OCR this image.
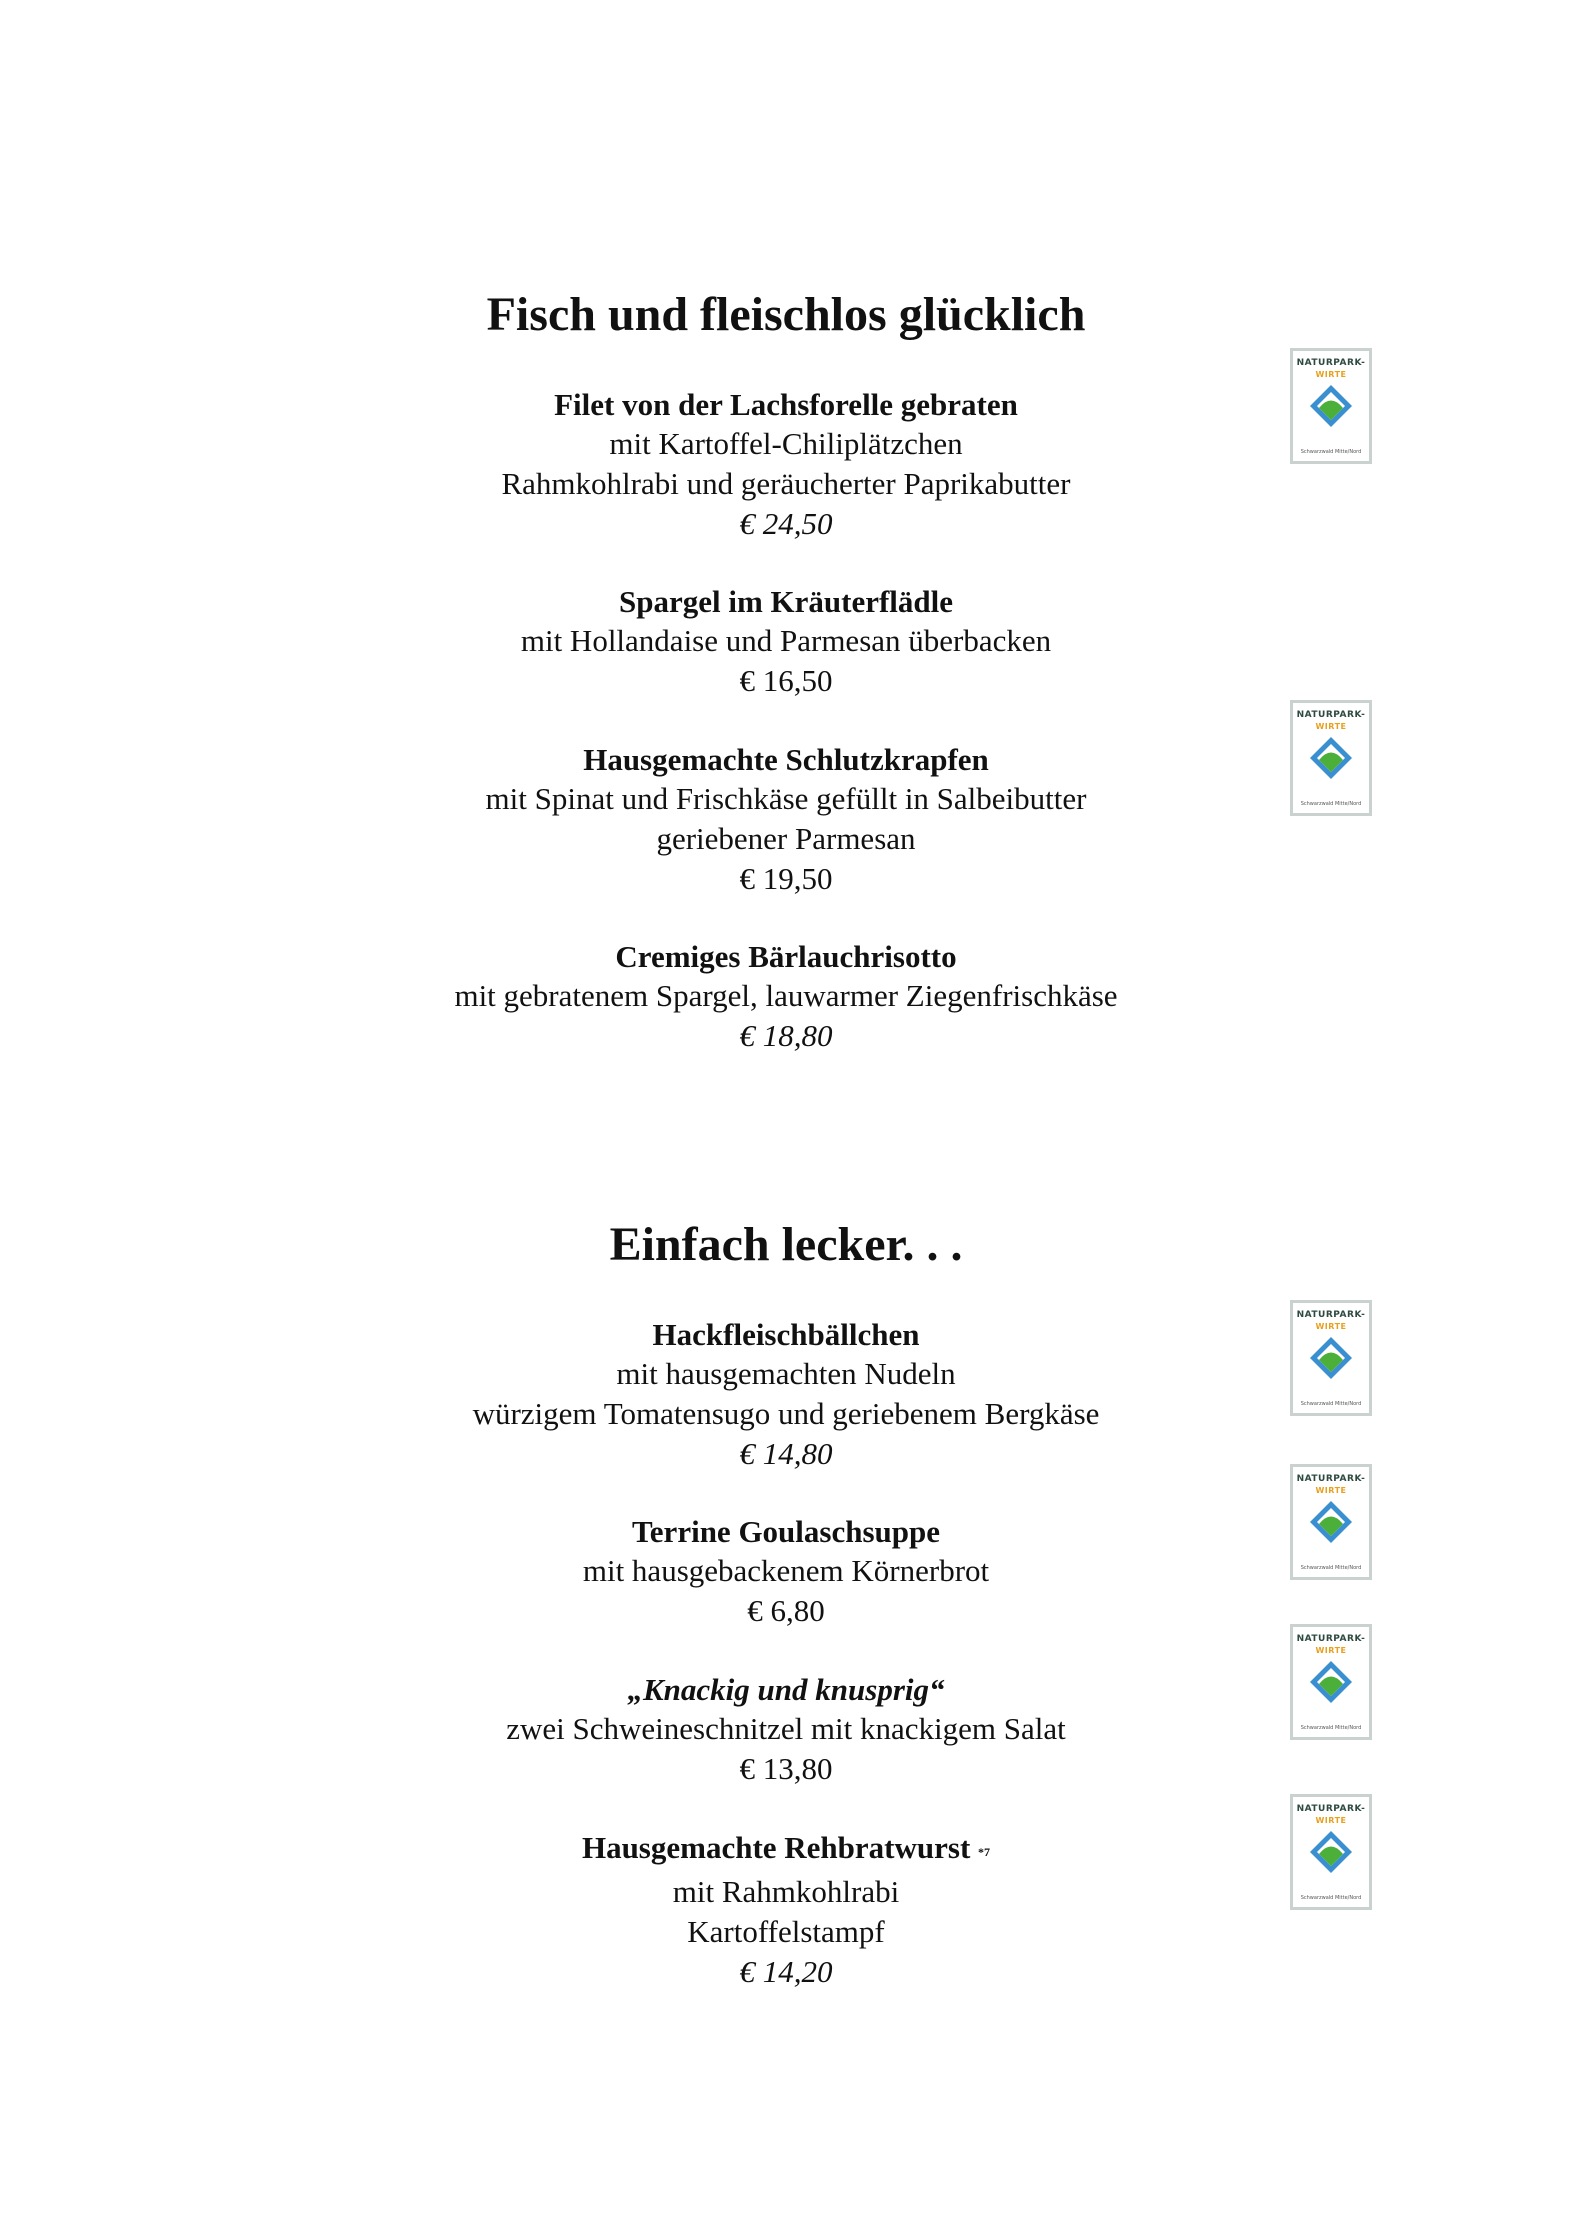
Fisch und fleischlos glücklich
Filet von der Lachsforelle gebraten
mit Kartoffel-Chiliplätzchen
Rahmkohlrabi und geräucherter Paprikabutter
€ 24,50
Spargel im Kräuterflädle
mit Hollandaise und Parmesan überbacken
€ 16,50
Hausgemachte Schlutzkrapfen
mit Spinat und Frischkäse gefüllt in Salbeibutter
geriebener Parmesan
€ 19,50
Cremiges Bärlauchrisotto
mit gebratenem Spargel, lauwarmer Ziegenfrischkäse
€ 18,80
Einfach lecker. . .
Hackfleischbällchen
mit hausgemachten Nudeln
würzigem Tomatensugo und geriebenem Bergkäse
€ 14,80
Terrine Goulaschsuppe
mit hausgebackenem Körnerbrot
€ 6,80
„Knackig und knusprig“
zwei Schweineschnitzel mit knackigem Salat
€ 13,80
Hausgemachte Rehbratwurst *7
mit Rahmkohlrabi
Kartoffelstampf
€ 14,20
NATURPARK-
WIRTE
Schwarzwald Mitte/Nord
NATURPARK-
WIRTE
Schwarzwald Mitte/Nord
NATURPARK-
WIRTE
Schwarzwald Mitte/Nord
NATURPARK-
WIRTE
Schwarzwald Mitte/Nord
NATURPARK-
WIRTE
Schwarzwald Mitte/Nord
NATURPARK-
WIRTE
Schwarzwald Mitte/Nord
